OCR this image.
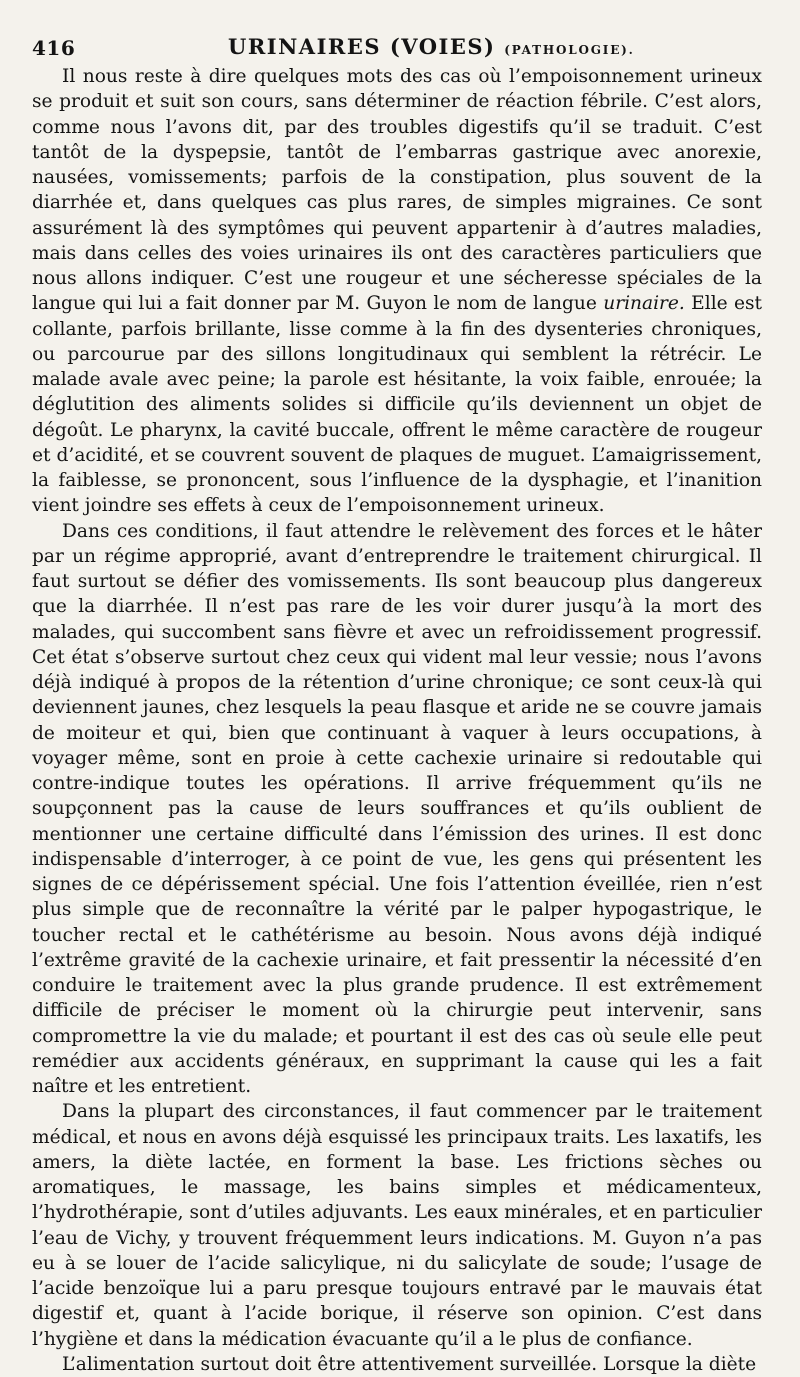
416	URINAIRES (VOIES) (PATHOLOGIE).

Il nous reste à dire quelques mots des cas où l’empoisonnement urineux se produit et suit son cours, sans déterminer de réaction fébrile. C’est alors, comme nous l’avons dit, par des troubles digestifs qu’il se traduit. C’est tantôt de la dyspepsie, tantôt de l’embarras gastrique avec anorexie, nausées, vomissements; parfois de la constipation, plus souvent de la diarrhée et, dans quelques cas plus rares, de simples migraines. Ce sont assurément là des symptômes qui peuvent appartenir à d’autres maladies, mais dans celles des voies urinaires ils ont des caractères particuliers que nous allons indiquer. C’est une rougeur et une sécheresse spéciales de la langue qui lui a fait donner par M. Guyon le nom de langue urinaire. Elle est collante, parfois brillante, lisse comme à la fin des dysenteries chroniques, ou parcourue par des sillons longitudinaux qui semblent la rétrécir. Le malade avale avec peine; la parole est hésitante, la voix faible, enrouée; la déglutition des aliments solides si difficile qu’ils deviennent un objet de dégoût. Le pharynx, la cavité buccale, offrent le même caractère de rougeur et d’acidité, et se couvrent souvent de plaques de muguet. L’amaigrissement, la faiblesse, se prononcent, sous l’influence de la dysphagie, et l’inanition vient joindre ses effets à ceux de l’empoisonnement urineux.

Dans ces conditions, il faut attendre le relèvement des forces et le hâter par un régime approprié, avant d’entreprendre le traitement chirurgical. Il faut surtout se défier des vomissements. Ils sont beaucoup plus dangereux que la diarrhée. Il n’est pas rare de les voir durer jusqu’à la mort des malades, qui succombent sans fièvre et avec un refroidissement progressif. Cet état s’observe surtout chez ceux qui vident mal leur vessie; nous l’avons déjà indiqué à propos de la rétention d’urine chronique; ce sont ceux-là qui deviennent jaunes, chez lesquels la peau flasque et aride ne se couvre jamais de moiteur et qui, bien que continuant à vaquer à leurs occupations, à voyager même, sont en proie à cette cachexie urinaire si redoutable qui contre-indique toutes les opérations. Il arrive fréquemment qu’ils ne soupçonnent pas la cause de leurs souffrances et qu’ils oublient de mentionner une certaine difficulté dans l’émission des urines. Il est donc indispensable d’interroger, à ce point de vue, les gens qui présentent les signes de ce dépérissement spécial. Une fois l’attention éveillée, rien n’est plus simple que de reconnaître la vérité par le palper hypogastrique, le toucher rectal et le cathétérisme au besoin. Nous avons déjà indiqué l’extrême gravité de la cachexie urinaire, et fait pressentir la nécessité d’en conduire le traitement avec la plus grande prudence. Il est extrêmement difficile de préciser le moment où la chirurgie peut intervenir, sans compromettre la vie du malade; et pourtant il est des cas où seule elle peut remédier aux accidents généraux, en supprimant la cause qui les a fait naître et les entretient.

Dans la plupart des circonstances, il faut commencer par le traitement médical, et nous en avons déjà esquissé les principaux traits. Les laxatifs, les amers, la diète lactée, en forment la base. Les frictions sèches ou aromatiques, le massage, les bains simples et médicamenteux, l’hydrothérapie, sont d’utiles adjuvants. Les eaux minérales, et en particulier l’eau de Vichy, y trouvent fréquemment leurs indications. M. Guyon n’a pas eu à se louer de l’acide salicylique, ni du salicylate de soude; l’usage de l’acide benzoïque lui a paru presque toujours entravé par le mauvais état digestif et, quant à l’acide borique, il réserve son opinion. C’est dans l’hygiène et dans la médication évacuante qu’il a le plus de confiance.

L’alimentation surtout doit être attentivement surveillée. Lorsque la diète
